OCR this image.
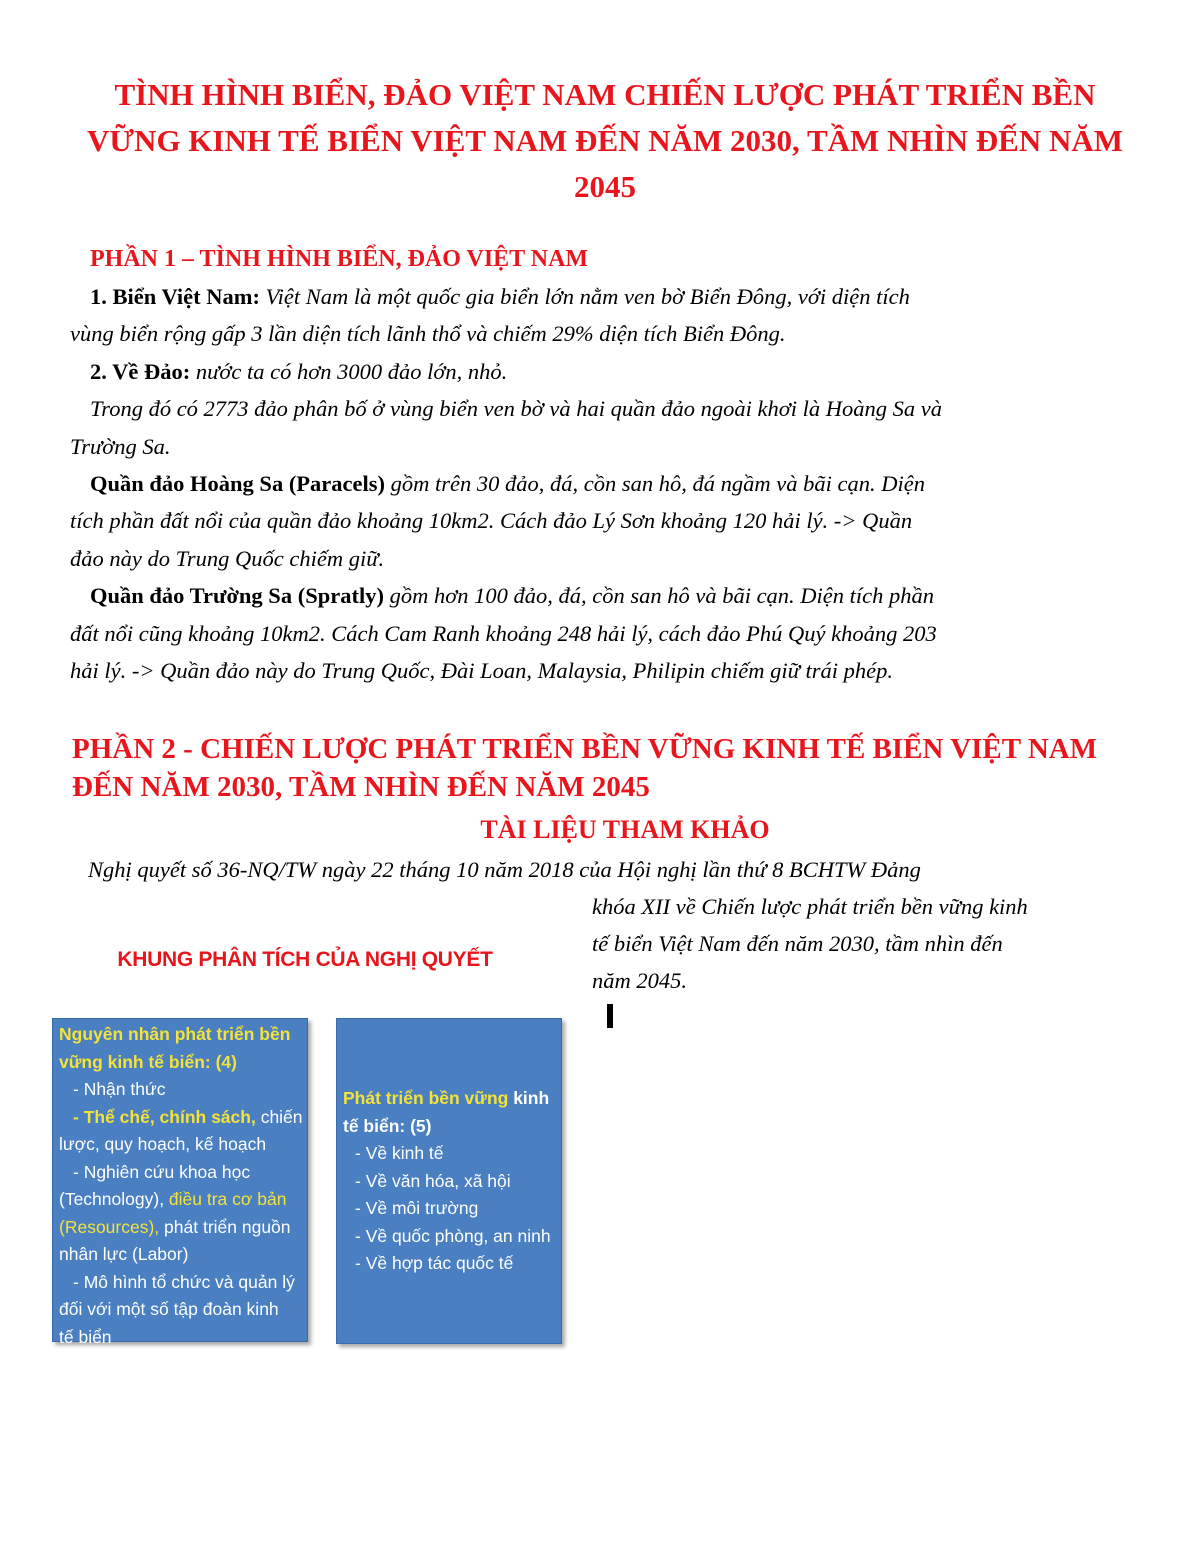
TÌNH HÌNH BIỂN, ĐẢO VIỆT NAM CHIẾN LƯỢC PHÁT TRIỂN BỀN
VỮNG KINH TẾ BIỂN VIỆT NAM ĐẾN NĂM 2030, TẦM NHÌN ĐẾN NĂM
2045
PHẦN 1 – TÌNH HÌNH BIỂN, ĐẢO VIỆT NAM

1. Biển Việt Nam: Việt Nam là một quốc gia biển lớn nằm ven bờ Biển Đông, với diện tích
vùng biển rộng gấp 3 lần diện tích lãnh thổ và chiếm 29% diện tích Biển Đông.

2. Về Đảo: nước ta có hơn 3000 đảo lớn, nhỏ.

Trong đó có 2773 đảo phân bố ở vùng biển ven bờ và hai quần đảo ngoài khơi là Hoàng Sa và
Trường Sa.

Quần đảo Hoàng Sa (Paracels) gồm trên 30 đảo, đá, cồn san hô, đá ngầm và bãi cạn. Diện
tích phần đất nổi của quần đảo khoảng 10km2. Cách đảo Lý Sơn khoảng 120 hải lý. -> Quần
đảo này do Trung Quốc chiếm giữ.

Quần đảo Trường Sa (Spratly) gồm hơn 100 đảo, đá, cồn san hô và bãi cạn. Diện tích phần
đất nổi cũng khoảng 10km2. Cách Cam Ranh khoảng 248 hải lý, cách đảo Phú Quý khoảng 203
hải lý. -> Quần đảo này do Trung Quốc, Đài Loan, Malaysia, Philipin chiếm giữ trái phép.

PHẦN 2 - CHIẾN LƯỢC PHÁT TRIỂN BỀN VỮNG KINH TẾ BIỂN VIỆT NAM
ĐẾN NĂM 2030, TẦM NHÌN ĐẾN NĂM 2045
TÀI LIỆU THAM KHẢO

Nghị quyết số 36-NQ/TW ngày 22 tháng 10 năm 2018 của Hội nghị lần thứ 8 BCHTW Đảng

khóa XII về Chiến lược phát triển bền vững kinh
tế biển Việt Nam đến năm 2030, tầm nhìn đến
năm 2045.

KHUNG PHÂN TÍCH CỦA NGHỊ QUYẾT

Nguyên nhân phát triển bền
vững kinh tế biển: (4)
- Nhận thức
- Thể chế, chính sách, chiến
lược, quy hoạch, kế hoạch
- Nghiên cứu khoa học
(Technology), điều tra cơ bản
(Resources), phát triển nguồn
nhân lực (Labor)
- Mô hình tổ chức và quản lý
đối với một số tập đoàn kinh
tế biển
Phát triển bền vững kinh
tế biển: (5)
- Về kinh tế
- Về văn hóa, xã hội
- Về môi trường
- Về quốc phòng, an ninh
- Về hợp tác quốc tế
